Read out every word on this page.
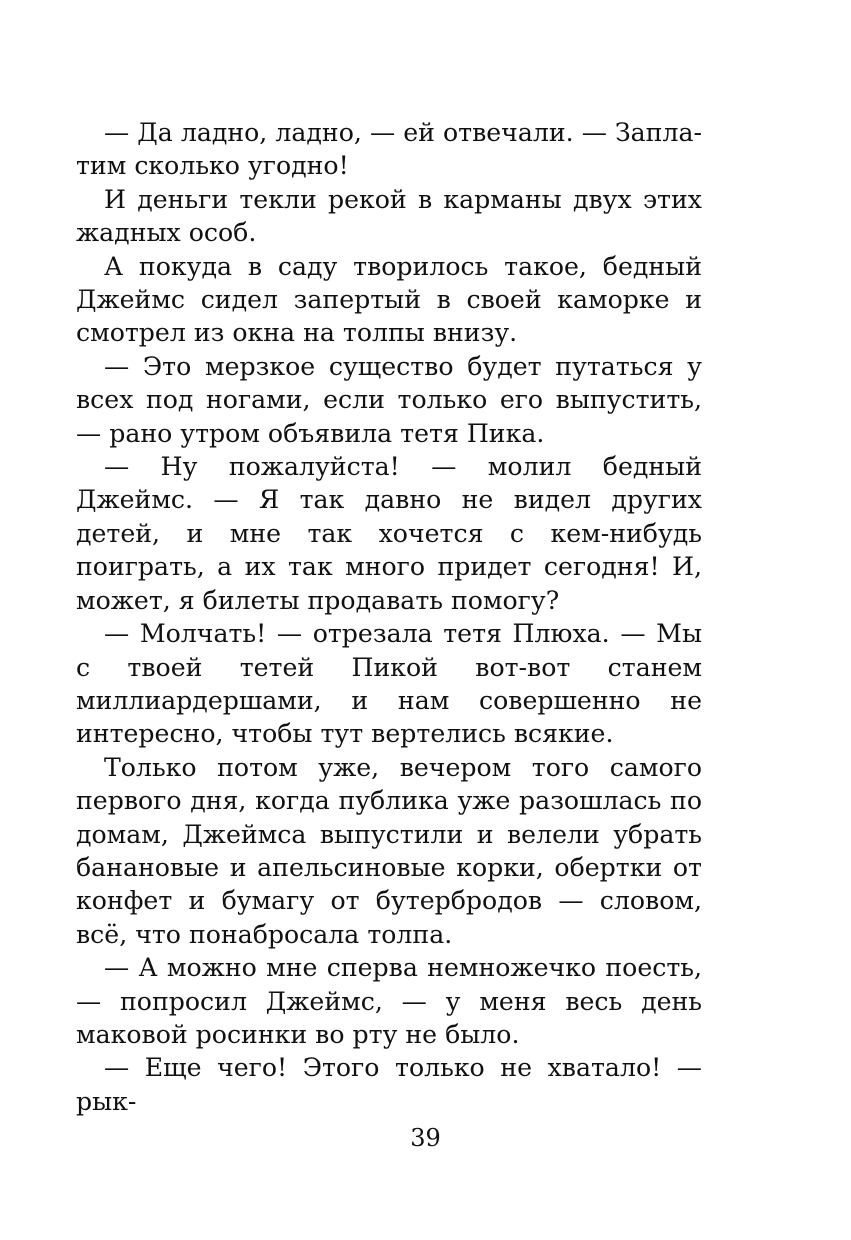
— Да ладно, ладно, — ей отвечали. — Заплатим сколько угодно!

И деньги текли рекой в карманы двух этих жадных особ.

А покуда в саду творилось такое, бедный Джеймс сидел запертый в своей каморке и смотрел из окна на толпы внизу.

— Это мерзкое существо будет путаться у всех под ногами, если только его выпустить, — рано утром объявила тетя Пика.

— Ну пожалуйста! — молил бедный Джеймс. — Я так давно не видел других детей, и мне так хочется с кем-нибудь поиграть, а их так много придет сегодня! И, может, я билеты продавать помогу?

— Молчать! — отрезала тетя Плюха. — Мы с твоей тетей Пикой вот-вот станем миллиардершами, и нам совершенно не интересно, чтобы тут вертелись всякие.

Только потом уже, вечером того самого первого дня, когда публика уже разошлась по домам, Джеймса выпустили и велели убрать бананoвые и апельсиновые корки, обертки от конфет и бумагу от бутербродов — словом, всё, что понабросала толпа.

— А можно мне сперва немножечко поесть, — попросил Джеймс, — у меня весь день маковой росинки во рту не было.

— Еще чего! Этого только не хватало! — рык-

39
